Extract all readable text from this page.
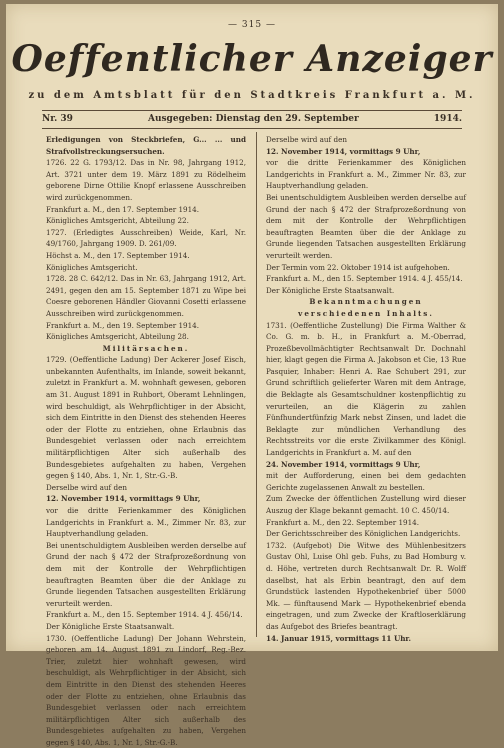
— 315 —
Oeffentlicher Anzeiger
zu dem Amtsblatt für den Stadtkreis Frankfurt a. M.
Nr. 39	Ausgegeben: Dienstag den 29. September	1914.

Erledigungen von Steckbriefen, G... ... und Strafvollstreckungsersuchen.

1726. 22 G. 1793/12. Das in Nr. 98, Jahrgang 1912, Art. 3721 unter dem 19. März 1891 zu Rödelheim geborene Dirne Ottilie Knopf erlassene Ausschreiben wird zurückgenommen.

Frankfurt a. M., den 17. September 1914.

Königliches Amtsgericht, Abteilung 22.

1727. (Erledigtes Ausschreiben) Weide, Karl, Nr. 49/1760, Jahrgang 1909. D. 261/09.

Höchst a. M., den 17. September 1914.

Königliches Amtsgericht.

1728. 28 C. 642/12. Das in Nr. 63, Jahrgang 1912, Art. 2491, gegen den am 15. September 1871 zu Wipe bei Coesre geborenen Händler Giovanni Cosetti erlassene Ausschreiben wird zurückgenommen.

Frankfurt a. M., den 19. September 1914.

Königliches Amtsgericht, Abteilung 28.

Militärsachen.

1729. (Oeffentliche Ladung) Der Ackerer Josef Eisch, unbekannten Aufenthalts, im Inlande, soweit bekannt, zuletzt in Frankfurt a. M. wohnhaft gewesen, geboren am 31. August 1891 in Ruhbort, Oberamt Lehnlingen, wird beschuldigt, als Wehrpflichtiger in der Absicht, sich dem Eintritte in den Dienst des stehenden Heeres oder der Flotte zu entziehen, ohne Erlaubnis das Bundesgebiet verlassen oder nach erreichtem militärpflichtigen Alter sich außerhalb des Bundesgebietes aufgehalten zu haben, Vergehen gegen § 140, Abs. 1, Nr. 1, Str.-G.-B.

Derselbe wird auf den

12. November 1914, vormittags 9 Uhr,

vor die dritte Ferienkammer des Königlichen Landgerichts in Frankfurt a. M., Zimmer Nr. 83, zur Hauptverhandlung geladen.

Bei unentschuldigtem Ausbleiben werden derselbe auf Grund der nach § 472 der Strafprozeßordnung von dem mit der Kontrolle der Wehrpflichtigen beauftragten Beamten über die der Anklage zu Grunde liegenden Tatsachen ausgestellten Erklärung verurteilt werden.

Frankfurt a. M., den 15. September 1914. 4 J. 456/14.

Der Königliche Erste Staatsanwalt.

1730. (Oeffentliche Ladung) Der Johann Wehrstein, geboren am 14. August 1891 zu Lindorf, Reg.-Bez. Trier, zuletzt hier wohnhaft gewesen, wird beschuldigt, als Wehrpflichtiger in der Absicht, sich dem Eintritte in den Dienst des stehenden Heeres oder der Flotte zu entziehen, ohne Erlaubnis das Bundesgebiet verlassen oder nach erreichtem militärpflichtigen Alter sich außerhalb des Bundesgebietes aufgehalten zu haben, Vergehen gegen § 140, Abs. 1, Nr. 1, Str.-G.-B.

Derselbe wird auf den

12. November 1914, vormittags 9 Uhr,

vor die dritte Ferienkammer des Königlichen Landgerichts in Frankfurt a. M., Zimmer Nr. 83, zur Hauptverhandlung geladen.

Bei unentschuldigtem Ausbleiben werden derselbe auf Grund der nach § 472 der Strafprozeßordnung von dem mit der Kontrolle der Wehrpflichtigen beauftragten Beamten über die der Anklage zu Grunde liegenden Tatsachen ausgestellten Erklärung verurteilt werden.

Der Termin vom 22. Oktober 1914 ist aufgehoben.

Frankfurt a. M., den 15. September 1914. 4 J. 455/14.

Der Königliche Erste Staatsanwalt.

Bekanntmachungen verschiedenen Inhalts.

1731. (Oeffentliche Zustellung) Die Firma Walther & Co. G. m. b. H., in Frankfurt a. M.-Oberrad, Prozeßbevollmächtigter Rechtsanwalt Dr. Dochnahl hier, klagt gegen die Firma A. Jakobson et Cie, 13 Rue Pasquier, Inhaber: Henri A. Rae Schubert 291, zur Grund schriftlich gelieferter Waren mit dem Antrage, die Beklagte als Gesamtschuldner kostenpflichtig zu verurteilen, an die Klägerin zu zahlen Fünfhundertfünfzig Mark nebst Zinsen, und ladet die Beklagte zur mündlichen Verhandlung des Rechtsstreits vor die erste Zivilkammer des Königl. Landgerichts in Frankfurt a. M. auf den

24. November 1914, vormittags 9 Uhr,

mit der Aufforderung, einen bei dem gedachten Gerichte zugelassenen Anwalt zu bestellen.

Zum Zwecke der öffentlichen Zustellung wird dieser Auszug der Klage bekannt gemacht. 10 C. 450/14.

Frankfurt a. M., den 22. September 1914.

Der Gerichtsschreiber des Königlichen Landgerichts.

1732. (Aufgebot) Die Witwe des Mühlenbesitzers Gustav Ohl, Luise Ohl geb. Fuhs, zu Bad Homburg v. d. Höhe, vertreten durch Rechtsanwalt Dr. R. Wolff daselbst, hat als Erbin beantragt, den auf dem Grundstück lastenden Hypothekenbrief über 5000 Mk. — fünftausend Mark — Hypothekenbrief ebenda eingetragen, und zum Zwecke der Kraftloserklärung das Aufgebot des Briefes beantragt.

14. Januar 1915, vormittags 11 Uhr.
